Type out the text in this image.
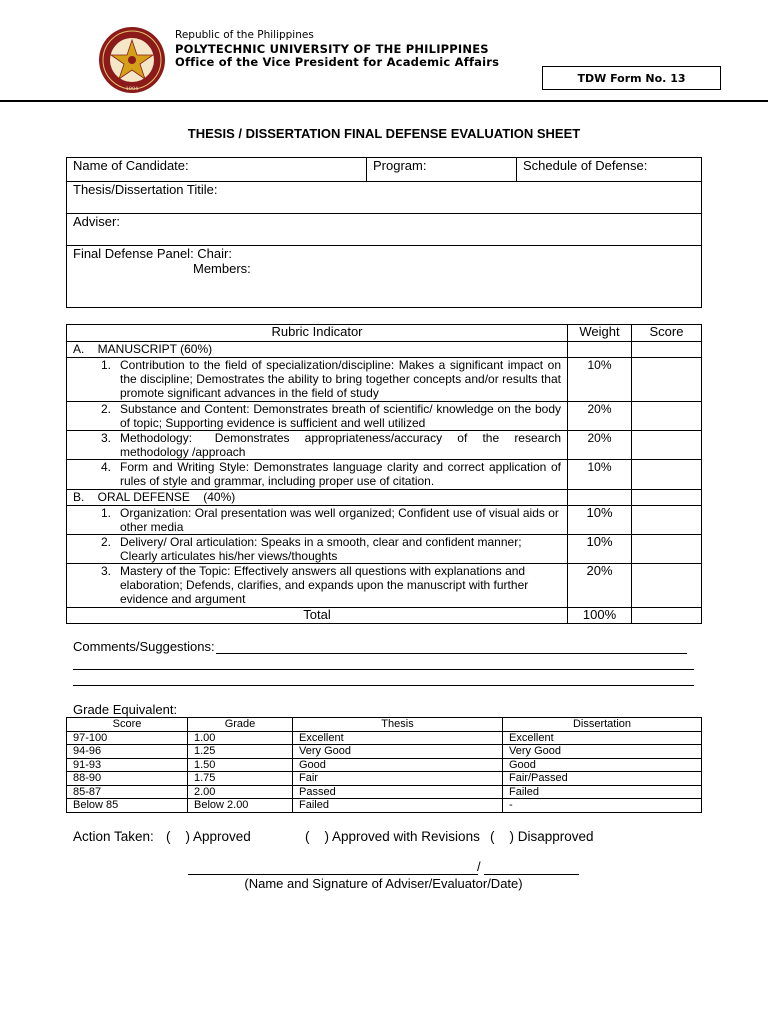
1904
Republic of the Philippines
POLYTECHNIC UNIVERSITY OF THE PHILIPPINES
Office of the Vice President for Academic Affairs
TDW Form No. 13
THESIS / DISSERTATION FINAL DEFENSE EVALUATION SHEET
Name of Candidate:	Program:	Schedule of Defense:
Thesis/Dissertation Titile:
Adviser:

Final Defense Panel: Chair:
Members:
Rubric Indicator	Weight	Score
A.    MANUSCRIPT (60%)		

1. Contribution to the field of specialization/discipline: Makes a significant impact on the discipline; Demostrates the ability to bring together concepts and/or results that promote significant advances in the field of study	10%	

2. Substance and Content: Demonstrates breath of scientific/ knowledge on the body of topic; Supporting evidence is sufficient and well utilized	20%	

3. Methodology:      Demonstrates    appropriateness/accuracy    of    the    research methodology /approach	20%	

4. Form and Writing Style: Demonstrates language clarity and correct application of rules of style and grammar, including proper use of citation.	10%	
B.    ORAL DEFENSE    (40%)		

1. Organization: Oral presentation was well organized; Confident use of visual aids or other media	10%	

2. Delivery/ Oral articulation: Speaks in a smooth, clear and confident manner; Clearly articulates his/her views/thoughts	10%	

3. Mastery of the Topic: Effectively answers all questions with explanations and elaboration; Defends, clarifies, and expands upon the manuscript with further evidence and argument	20%	
Total	100%	
Comments/Suggestions:
Grade Equivalent:
Score	Grade	Thesis	Dissertation
97-100	1.00	Excellent	Excellent
94-96	1.25	Very Good	Very Good
91-93	1.50	Good	Good
88-90	1.75	Fair	Fair/Passed
85-87	2.00	Passed	Failed
Below 85	Below 2.00	Failed	-
Action Taken: (    ) Approved	(    ) Approved with Revisions (    ) Disapproved
/
(Name and Signature of Adviser/Evaluator/Date)
